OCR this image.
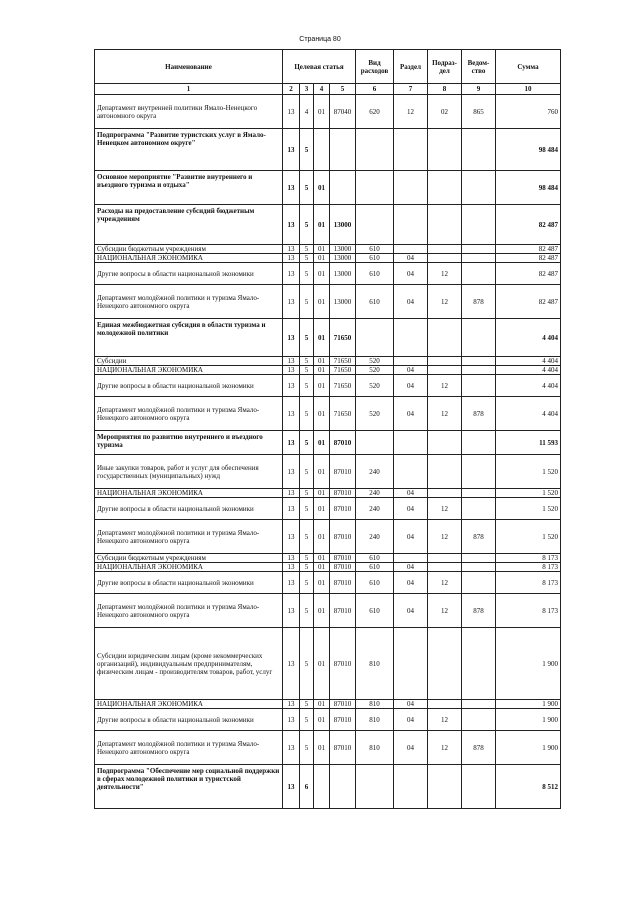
Страница 80
Наименование	Целевая статья				Вид расходов	Раздел	Подраз-дел	Ведом-ство	Сумма
1	2	3	4	5	6	7	8	9	10
Департамент внутренней политики Ямало-Ненецкого автономного округа	13	4	01	87040	620	12	02	865	760
Подпрограмма "Развитие туристских услуг в Ямало-Ненецком автономном округе"	13	5							98 484
Основное мероприятие "Развитие внутреннего и въездного туризма и отдыха"	13	5	01						98 484
Расходы на предоставление субсидий бюджетным учреждениям	13	5	01	13000					82 487
Субсидии бюджетным учреждениям	13	5	01	13000	610				82 487
НАЦИОНАЛЬНАЯ ЭКОНОМИКА	13	5	01	13000	610	04			82 487
Другие вопросы в области национальной экономики	13	5	01	13000	610	04	12		82 487
Департамент молодёжной политики и туризма Ямало-Ненецкого автономного округа	13	5	01	13000	610	04	12	878	82 487
Единая межбюджетная субсидия в области туризма и молодежной политики	13	5	01	71650					4 404
Субсидии	13	5	01	71650	520				4 404
НАЦИОНАЛЬНАЯ ЭКОНОМИКА	13	5	01	71650	520	04			4 404
Другие вопросы в области национальной экономики	13	5	01	71650	520	04	12		4 404
Департамент молодёжной политики и туризма Ямало-Ненецкого автономного округа	13	5	01	71650	520	04	12	878	4 404
Мероприятия по развитию внутреннего и въездного туризма	13	5	01	87010					11 593
Иные закупки товаров, работ и услуг для обеспечения государственных (муниципальных) нужд	13	5	01	87010	240				1 520
НАЦИОНАЛЬНАЯ ЭКОНОМИКА	13	5	01	87010	240	04			1 520
Другие вопросы в области национальной экономики	13	5	01	87010	240	04	12		1 520
Департамент молодёжной политики и туризма Ямало-Ненецкого автономного округа	13	5	01	87010	240	04	12	878	1 520
Субсидии бюджетным учреждениям	13	5	01	87010	610				8 173
НАЦИОНАЛЬНАЯ ЭКОНОМИКА	13	5	01	87010	610	04			8 173
Другие вопросы в области национальной экономики	13	5	01	87010	610	04	12		8 173
Департамент молодёжной политики и туризма Ямало-Ненецкого автономного округа	13	5	01	87010	610	04	12	878	8 173
Субсидии юридическим лицам (кроме некоммерческих организаций), индивидуальным предпринимателям, физическим лицам - производителям товаров, работ, услуг	13	5	01	87010	810				1 900
НАЦИОНАЛЬНАЯ ЭКОНОМИКА	13	5	01	87010	810	04			1 900
Другие вопросы в области национальной экономики	13	5	01	87010	810	04	12		1 900
Департамент молодёжной политики и туризма Ямало-Ненецкого автономного округа	13	5	01	87010	810	04	12	878	1 900
Подпрограмма "Обеспечение мер социальной поддержки в сферах молодежной политики и туристской деятельности"	13	6							8 512
